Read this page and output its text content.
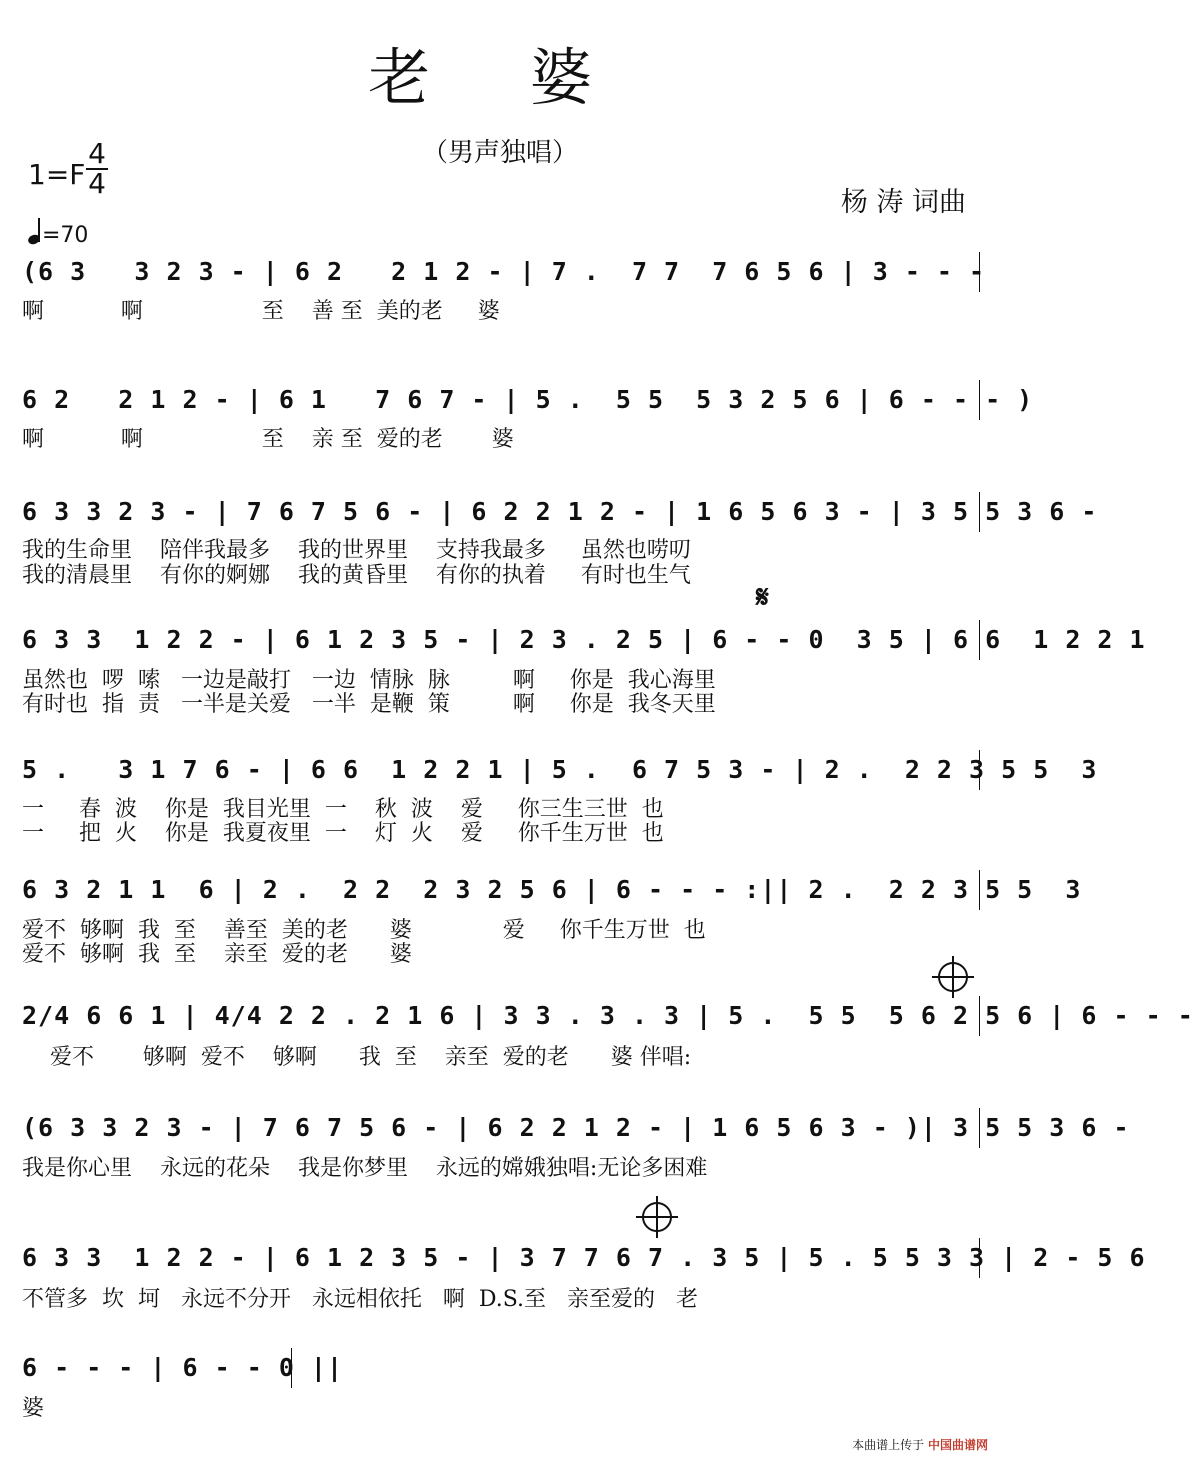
老 婆
（男声独唱）
1=F
4
4
杨 涛 词曲
=70
(6 3   3 2 3 - | 6 2   2 1 2 - | 7 .  7 7  7 6 5 6 | 3 - - -
啊           啊                 至    善 至  美的老     婆
6 2   2 1 2 - | 6 1   7 6 7 - | 5 .  5 5  5 3 2 5 6 | 6 - - - )
啊           啊                 至    亲 至  爱的老       婆
6 3 3 2 3 - | 7 6 7 5 6 - | 6 2 2 1 2 - | 1 6 5 6 3 - | 3 5 5 3 6 -
我的生命里    陪伴我最多    我的世界里    支持我最多     虽然也唠叨
我的清晨里    有你的婀娜    我的黄昏里    有你的执着     有时也生气
𝄋
6 3 3  1 2 2 - | 6 1 2 3 5 - | 2 3 . 2 5 | 6 - - 0  3 5 | 6 6  1 2 2 1
虽然也  啰  嗦   一边是敲打   一边  情脉  脉         啊     你是  我心海里
有时也  指  责   一半是关爱   一半  是鞭  策         啊     你是  我冬天里
5 .   3 1 7 6 - | 6 6  1 2 2 1 | 5 .  6 7 5 3 - | 2 .  2 2 3 5 5  3
一     春  波    你是  我目光里  一    秋  波    爱     你三生三世  也
一     把  火    你是  我夏夜里  一    灯  火    爱     你千生万世  也
6 3 2 1 1  6 | 2 .  2 2  2 3 2 5 6 | 6 - - - :|| 2 .  2 2 3 5 5  3
爱不  够啊  我  至    善至  美的老      婆             爱     你千生万世  也
爱不  够啊  我  至    亲至  爱的老      婆
2/4 6 6 1 | 4/4 2 2 . 2 1 6 | 3 3 . 3 . 3 | 5 .  5 5  5 6 2 5 6 | 6 - - -
爱不       够啊  爱不    够啊      我  至    亲至  爱的老      婆 伴唱:
(6 3 3 2 3 - | 7 6 7 5 6 - | 6 2 2 1 2 - | 1 6 5 6 3 - )| 3 5 5 3 6 -
我是你心里    永远的花朵    我是你梦里    永远的嫦娥独唱:无论多困难
6 3 3  1 2 2 - | 6 1 2 3 5 - | 3 7 7 6 7 . 3 5 | 5 . 5 5 3 3 | 2 - 5 6
不管多  坎  坷   永远不分开   永远相依托   啊  D.S.至   亲至爱的   老
6 - - - | 6 - - 0 ||
婆
本曲谱上传于 中国曲谱网
